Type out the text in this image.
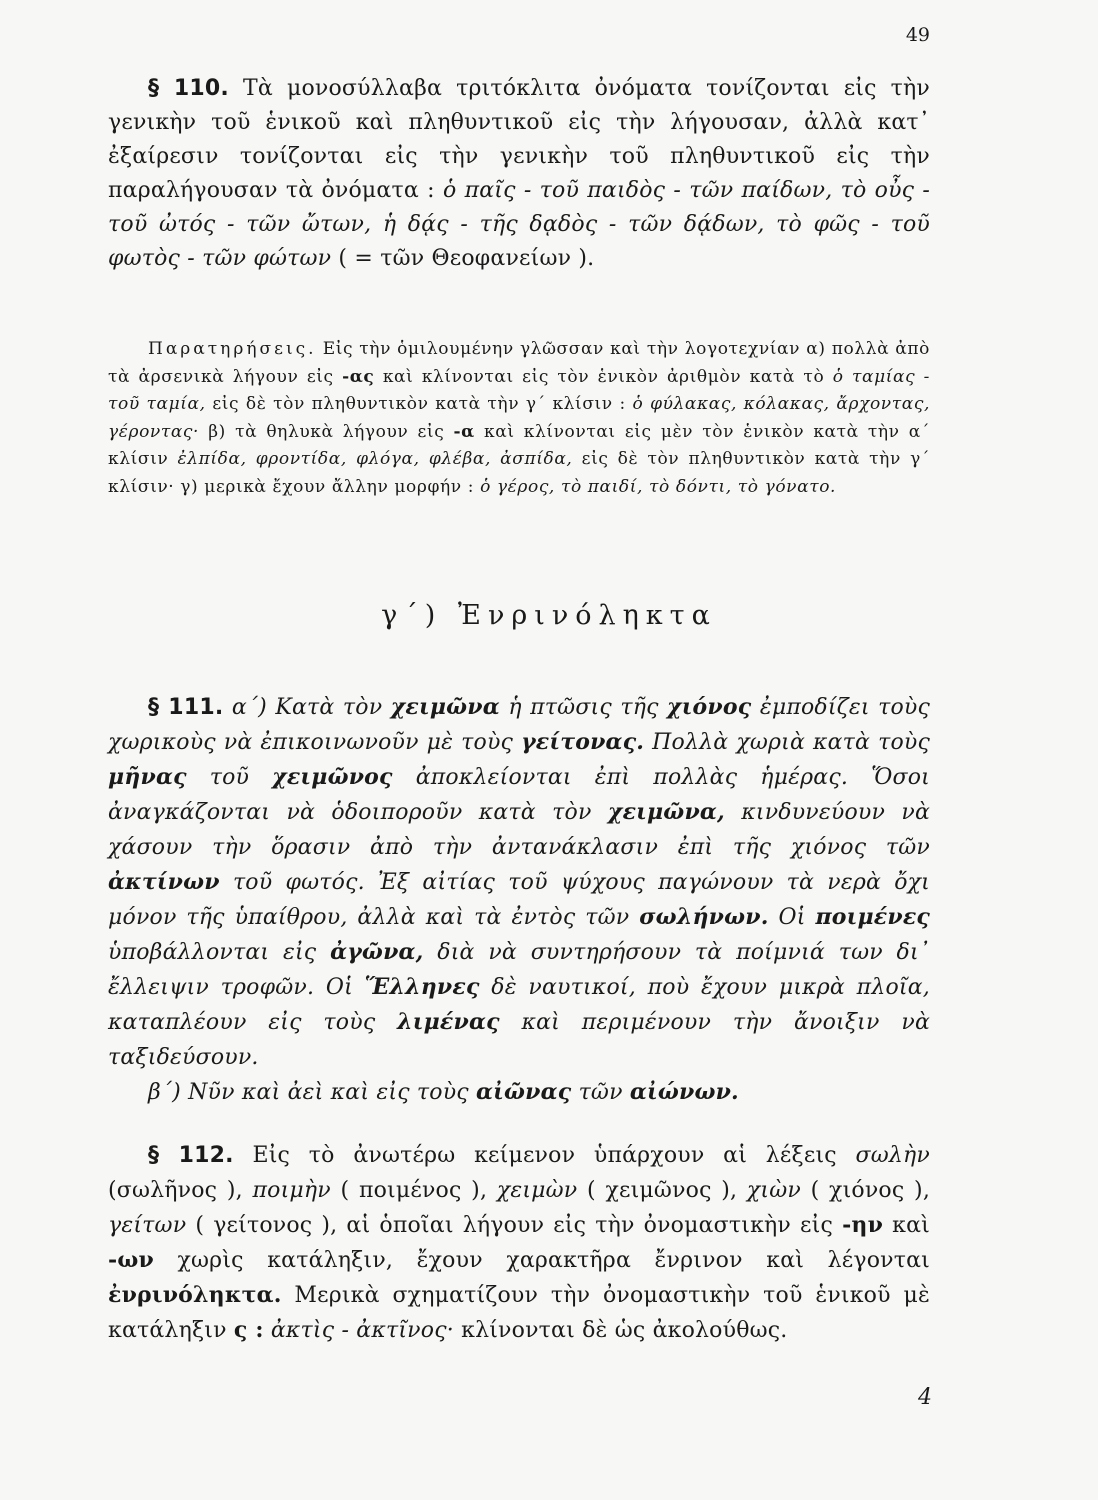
49
§ 110. Τὰ μονοσύλλαβα τριτόκλιτα ὀνόματα τονίζονται εἰς τὴν γενικὴν τοῦ ἑνικοῦ καὶ πληθυντικοῦ εἰς τὴν λήγουσαν, ἀλλὰ κατ᾿ ἐξαίρεσιν τονίζονται εἰς τὴν γενικὴν τοῦ πληθυντικοῦ εἰς τὴν παραλήγουσαν τὰ ὀνόματα : ὁ παῖς - τοῦ παιδὸς - τῶν παίδων, τὸ οὖς - τοῦ ὠτός - τῶν ὤτων, ἡ δᾴς - τῆς δᾳδὸς - τῶν δᾴδων, τὸ φῶς - τοῦ φωτὸς - τῶν φώτων ( = τῶν Θεοφανείων ).
Παρατηρήσεις. Εἰς τὴν ὁμιλουμένην γλῶσσαν καὶ τὴν λογοτεχνίαν α) πολλὰ ἀπὸ τὰ ἀρσενικὰ λήγουν εἰς -ας καὶ κλίνονται εἰς τὸν ἑνικὸν ἀριθμὸν κατὰ τὸ ὁ ταμίας - τοῦ ταμία, εἰς δὲ τὸν πληθυντικὸν κατὰ τὴν γ΄ κλίσιν : ὁ φύλακας, κόλακας, ἄρχοντας, γέροντας· β) τὰ θηλυκὰ λήγουν εἰς -α καὶ κλίνονται εἰς μὲν τὸν ἑνικὸν κατὰ τὴν α΄ κλίσιν ἐλπίδα, φροντίδα, φλόγα, φλέβα, ἀσπίδα, εἰς δὲ τὸν πληθυντικὸν κατὰ τὴν γ΄ κλίσιν· γ) μερικὰ ἔχουν ἄλλην μορφήν : ὁ γέρος, τὸ παιδί, τὸ δόντι, τὸ γόνατο.
γ΄) Ἐνρινόληκτα
§ 111. α΄) Κατὰ τὸν χειμῶνα ἡ πτῶσις τῆς χιόνος ἐμποδίζει τοὺς χωρικοὺς νὰ ἐπικοινωνοῦν μὲ τοὺς γείτονας. Πολλὰ χωριὰ κατὰ τοὺς μῆνας τοῦ χειμῶνος ἀποκλείονται ἐπὶ πολλὰς ἡμέρας. Ὅσοι ἀναγκάζονται νὰ ὁδοιποροῦν κατὰ τὸν χειμῶνα, κινδυνεύουν νὰ χάσουν τὴν ὅρασιν ἀπὸ τὴν ἀντανάκλασιν ἐπὶ τῆς χιόνος τῶν ἀκτίνων τοῦ φωτός. Ἐξ αἰτίας τοῦ ψύχους παγώνουν τὰ νερὰ ὄχι μόνον τῆς ὑπαίθρου, ἀλλὰ καὶ τὰ ἐντὸς τῶν σωλήνων. Οἱ ποιμένες ὑποβάλλονται εἰς ἀγῶνα, διὰ νὰ συντηρήσουν τὰ ποίμνιά των δι᾿ ἔλλειψιν τροφῶν. Οἱ Ἕλληνες δὲ ναυτικοί, ποὺ ἔχουν μικρὰ πλοῖα, καταπλέουν εἰς τοὺς λιμένας καὶ περιμένουν τὴν ἄνοιξιν νὰ ταξιδεύσουν.
β΄) Νῦν καὶ ἀεὶ καὶ εἰς τοὺς αἰῶνας τῶν αἰώνων.
§ 112. Εἰς τὸ ἀνωτέρω κείμενον ὑπάρχουν αἱ λέξεις σωλὴν (σωλῆνος ), ποιμὴν ( ποιμένος ), χειμὼν ( χειμῶνος ), χιὼν ( χιόνος ), γείτων ( γείτονος ), αἱ ὁποῖαι λήγουν εἰς τὴν ὀνομαστικὴν εἰς -ην καὶ -ων χωρὶς κατάληξιν, ἔχουν χαρακτῆρα ἔνρινον καὶ λέγονται ἐνρινόληκτα. Μερικὰ σχηματίζουν τὴν ὀνομαστικὴν τοῦ ἑνικοῦ μὲ κατάληξιν ς : ἀκτὶς - ἀκτῖνος· κλίνονται δὲ ὡς ἀκολούθως.
4
